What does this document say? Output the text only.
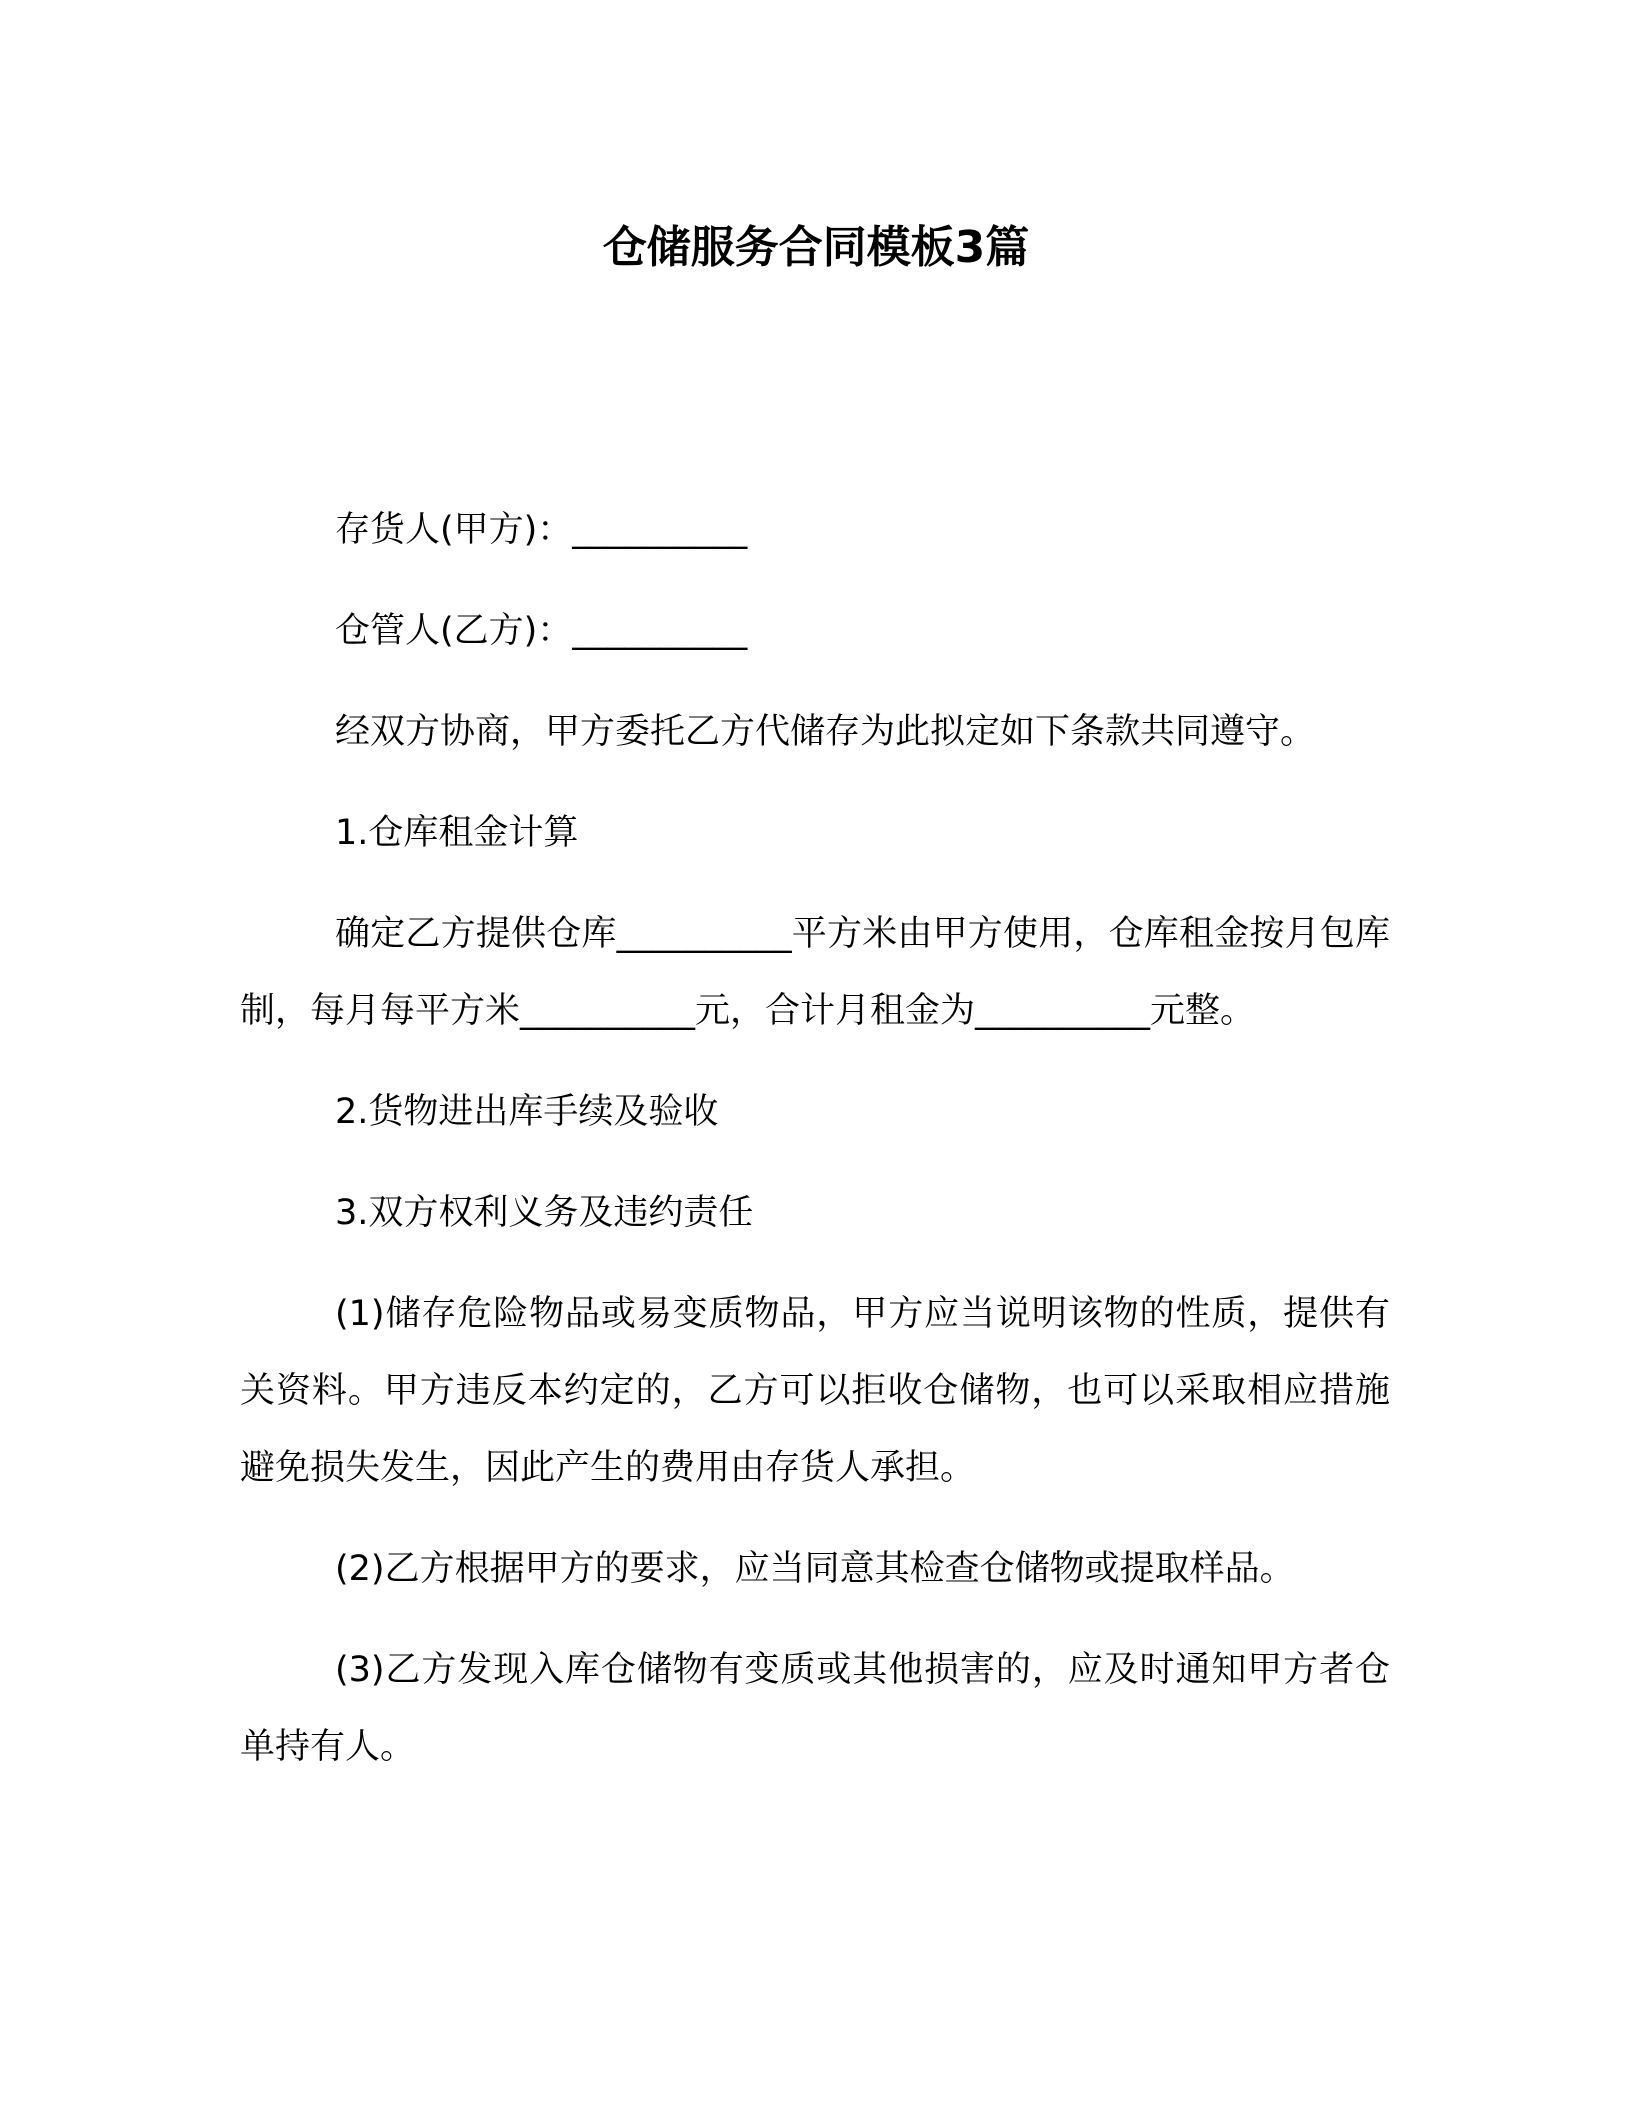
仓储服务合同模板3篇

存货人(甲方)：__________

仓管人(乙方)：__________

经双方协商，甲方委托乙方代储存为此拟定如下条款共同遵守。

1.仓库租金计算

确定乙方提供仓库__________平方米由甲方使用，仓库租金按月包库制，每月每平方米__________元，合计月租金为__________元整。

2.货物进出库手续及验收

3.双方权利义务及违约责任

(1)储存危险物品或易变质物品，甲方应当说明该物的性质，提供有关资料。甲方违反本约定的，乙方可以拒收仓储物，也可以采取相应措施避免损失发生，因此产生的费用由存货人承担。

(2)乙方根据甲方的要求，应当同意其检查仓储物或提取样品。

(3)乙方发现入库仓储物有变质或其他损害的，应及时通知甲方者仓单持有人。
